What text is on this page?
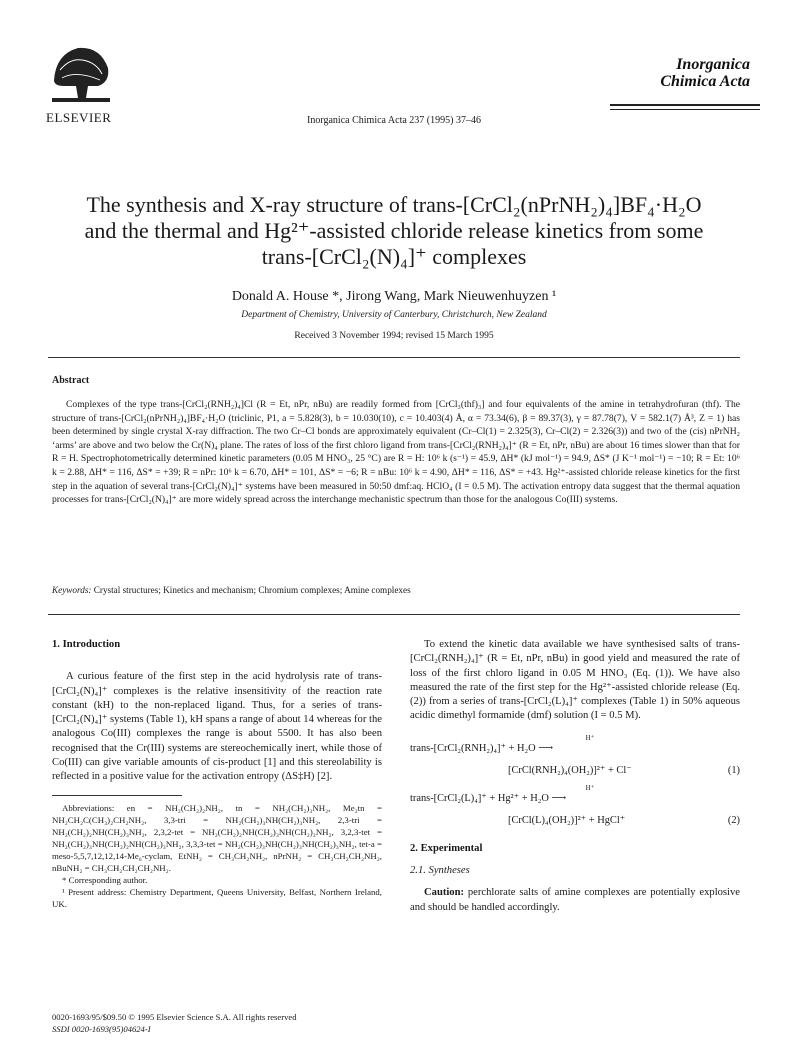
ELSEVIER	Inorganica Chimica Acta 237 (1995) 37–46
Inorganica
Chimica Acta
The synthesis and X-ray structure of trans-[CrCl₂(nPrNH₂)₄]BF₄·H₂O
and the thermal and Hg²⁺-assisted chloride release kinetics from some
trans-[CrCl₂(N)₄]⁺ complexes
Donald A. House *, Jirong Wang, Mark Nieuwenhuyzen ¹
Department of Chemistry, University of Canterbury, Christchurch, New Zealand
Received 3 November 1994; revised 15 March 1995
Abstract

Complexes of the type trans-[CrCl₂(RNH₂)₄]Cl (R = Et, nPr, nBu) are readily formed from [CrCl₃(thf)₃] and four equivalents of the amine in tetrahydrofuran (thf). The structure of trans-[CrCl₂(nPrNH₂)₄]BF₄·H₂O (triclinic, P1, a = 5.828(3), b = 10.030(10), c = 10.403(4) Å, α = 73.34(6), β = 89.37(3), γ = 87.78(7), V = 582.1(7) Å³, Z = 1) has been determined by single crystal X-ray diffraction. The two Cr–Cl bonds are approximately equivalent (Cr–Cl(1) = 2.325(3), Cr–Cl(2) = 2.326(3)) and two of the (cis) nPrNH₂ ‘arms’ are above and two below the Cr(N)₄ plane. The rates of loss of the first chloro ligand from trans-[CrCl₂(RNH₂)₄]⁺ (R = Et, nPr, nBu) are about 16 times slower than that for R = H. Spectrophotometrically determined kinetic parameters (0.05 M HNO₃, 25 °C) are R = H: 10⁶ k (s⁻¹) = 45.9, ΔH* (kJ mol⁻¹) = 94.9, ΔS* (J K⁻¹ mol⁻¹) = −10; R = Et: 10⁶ k = 2.88, ΔH* = 116, ΔS* = +39; R = nPr: 10⁶ k = 6.70, ΔH* = 101, ΔS* = −6; R = nBu: 10⁶ k = 4.90, ΔH* = 116, ΔS* = +43. Hg²⁺-assisted chloride release kinetics for the first step in the aquation of several trans-[CrCl₂(N)₄]⁺ systems have been measured in 50:50 dmf:aq. HClO₄ (I = 0.5 M). The activation entropy data suggest that the thermal aquation processes for trans-[CrCl₂(N)₄]⁺ are more widely spread across the interchange mechanistic spectrum than those for the analogous Co(III) systems.

Keywords: Crystal structures; Kinetics and mechanism; Chromium complexes; Amine complexes
1. Introduction

A curious feature of the first step in the acid hydrolysis rate of trans-[CrCl₂(N)₄]⁺ complexes is the relative insensitivity of the reaction rate constant (kH) to the non-replaced ligand. Thus, for a series of trans-[CrCl₂(N)₄]⁺ systems (Table 1), kH spans a range of about 14 whereas for the analogous Co(III) complexes the range is about 5500. It has also been recognised that the Cr(III) systems are stereochemically inert, while those of Co(III) can give variable amounts of cis-product [1] and this stereolability is reflected in a positive value for the activation entropy (ΔS‡H) [2].

Abbreviations: en = NH₂(CH₂)₂NH₂, tn = NH₂(CH₂)₃NH₂, Me₂tn = NH₂CH₂C(CH₃)₂CH₂NH₂, 3,3-tri = NH₂(CH₂)₃NH(CH₂)₃NH₂, 2,3-tri = NH₂(CH₂)₂NH(CH₂)₃NH₂, 2,3,2-tet = NH₂(CH₂)₂NH(CH₂)₃NH(CH₂)₂NH₂, 3,2,3-tet = NH₂(CH₂)₃NH(CH₂)₂NH(CH₂)₃NH₂, 3,3,3-tet = NH₂(CH₂)₃NH(CH₂)₃NH(CH₂)₃NH₂, tet-a = meso-5,5,7,12,12,14-Me₆-cyclam, EtNH₂ = CH₃CH₂NH₂, nPrNH₂ = CH₃CH₂CH₂NH₂, nBuNH₂ = CH₃CH₂CH₂CH₂NH₂.

* Corresponding author.

¹ Present address: Chemistry Department, Queens University, Belfast, Northern Ireland, UK.

To extend the kinetic data available we have synthesised salts of trans-[CrCl₂(RNH₂)₄]⁺ (R = Et, nPr, nBu) in good yield and measured the rate of loss of the first chloro ligand in 0.05 M HNO₃ (Eq. (1)). We have also measured the rate of the first step for the Hg²⁺-assisted chloride release (Eq. (2)) from a series of trans-[CrCl₂(L)₄]⁺ complexes (Table 1) in 50% aqueous acidic dimethyl formamide (dmf) solution (I = 0.5 M).

H⁺
trans-[CrCl₂(RNH₂)₄]⁺ + H₂O ⟶
[CrCl(RNH₂)₄(OH₂)]²⁺ + Cl⁻	(1)
H⁺
trans-[CrCl₂(L)₄]⁺ + Hg²⁺ + H₂O ⟶
[CrCl(L)₄(OH₂)]²⁺ + HgCl⁺	(2)
2. Experimental
2.1. Syntheses

Caution: perchlorate salts of amine complexes are potentially explosive and should be handled accordingly.

0020-1693/95/$09.50 © 1995 Elsevier Science S.A. All rights reserved
SSDI 0020-1693(95)04624-I
